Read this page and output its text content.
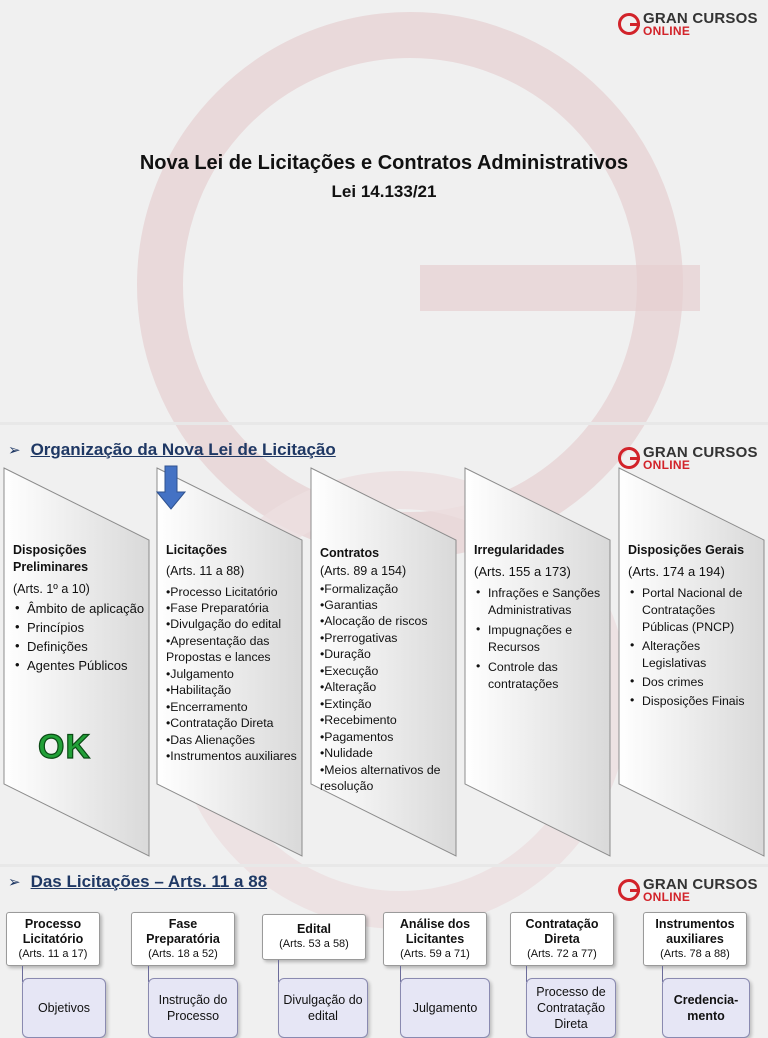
GRAN CURSOS
ONLINE
Nova Lei de Licitações e Contratos Administrativos
Lei 14.133/21
➢ Organização da Nova Lei de Licitação	GRAN CURSOS
ONLINE
Disposições Preliminares
(Arts. 1º a 10)
• Âmbito de aplicação
• Princípios
• Definições
• Agentes Públicos
OK
Licitações
(Arts. 11 a 88)
•Processo Licitatório
•Fase Preparatória
•Divulgação do edital
•Apresentação das Propostas e lances
•Julgamento
•Habilitação
•Encerramento
•Contratação Direta
•Das Alienações
•Instrumentos auxiliares
Contratos
(Arts. 89 a 154)
•Formalização
•Garantias
•Alocação de riscos
•Prerrogativas
•Duração
•Execução
•Alteração
•Extinção
•Recebimento
•Pagamentos
•Nulidade
•Meios alternativos de resolução
Irregularidades
(Arts. 155 a 173)
• Infrações e Sanções Administrativas
• Impugnações e Recursos
• Controle das contratações
Disposições Gerais
(Arts. 174 a 194)
• Portal Nacional de Contratações Públicas (PNCP)
• Alterações Legislativas
• Dos crimes
• Disposições Finais
➢ Das Licitações – Arts. 11 a 88	GRAN CURSOS
ONLINE
Processo Licitatório
(Arts. 11 a 17)
Objetivos
Fase Preparatória
(Arts. 18 a 52)
Instrução do Processo
Edital
(Arts. 53 a 58)
Divulgação do edital
Análise dos Licitantes
(Arts. 59 a 71)
Julgamento
Contratação Direta
(Arts. 72 a 77)
Processo de Contratação Direta
Instrumentos auxiliares
(Arts. 78 a 88)
Credencia-mento
